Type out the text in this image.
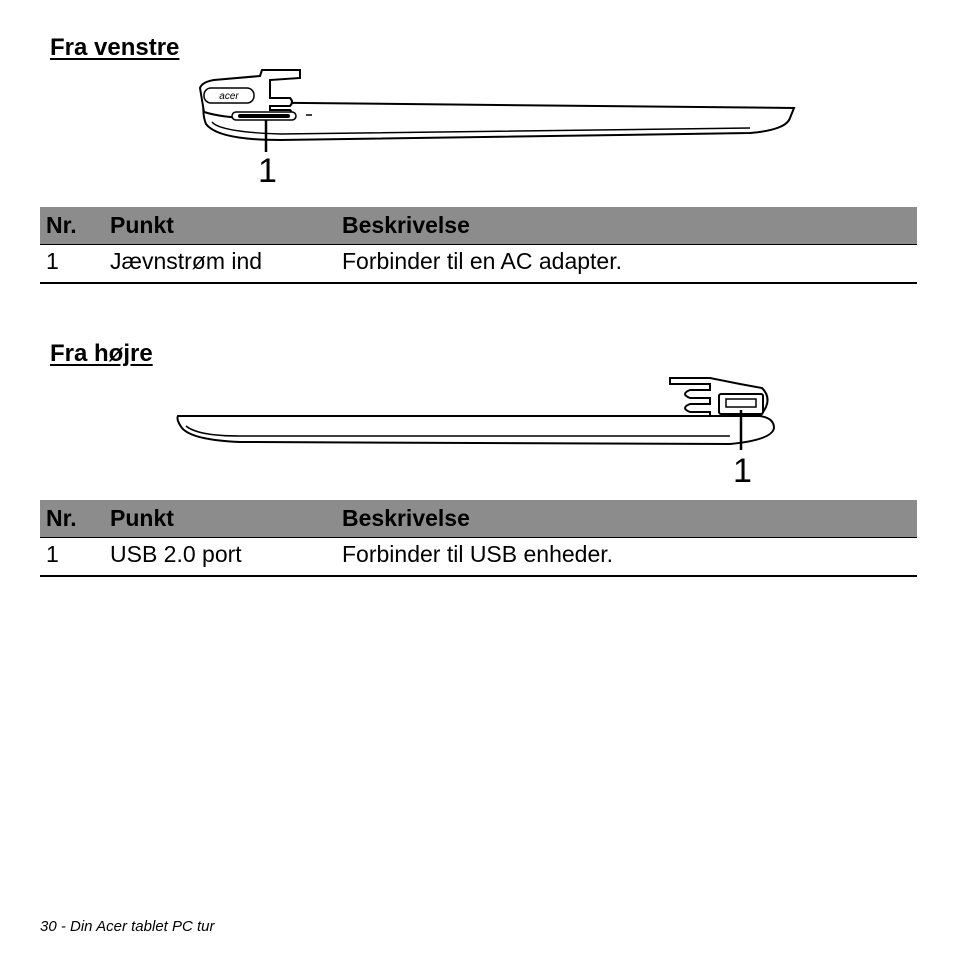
Fra venstre
acer
1
Nr.	Punkt	Beskrivelse
1	Jævnstrøm ind	Forbinder til en AC adapter.
Fra højre
1
Nr.	Punkt	Beskrivelse
1	USB 2.0 port	Forbinder til USB enheder.
30 - Din Acer tablet PC tur
